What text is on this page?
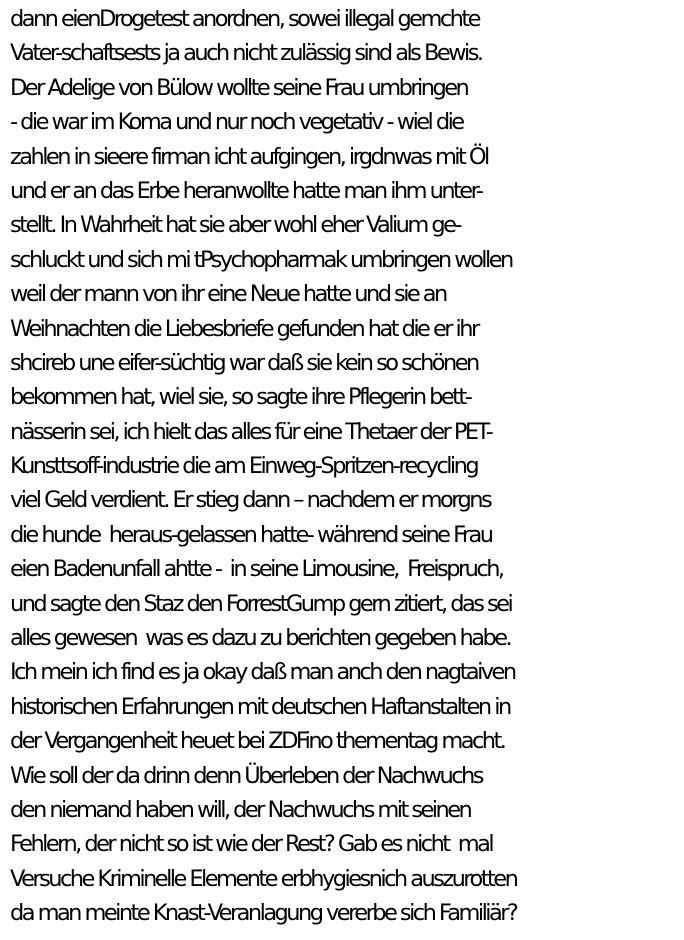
dann eienDrogetest anordnen, sowei illegal gemchte
Vater-schaftsests ja auch nicht zulässig sind als Bewis.
Der Adelige von Bülow wollte seine Frau umbringen
- die war im Koma und nur noch vegetativ - wiel die
zahlen in sieere firman icht aufgingen, irgdnwas mit Öl
und er an das Erbe heranwollte hatte man ihm unter-
stellt. In Wahrheit hat sie aber wohl eher Valium ge-
schluckt und sich mi tPsychopharmak umbringen wollen
weil der mann von ihr eine Neue hatte und sie an
Weihnachten die Liebesbriefe gefunden hat die er ihr
shcireb une eifer-süchtig war daß sie kein so schönen
bekommen hat, wiel sie, so sagte ihre Pflegerin bett-
nässerin sei, ich hielt das alles für eine Thetaer der PET-
Kunsttsoff-industrie die am Einweg-Spritzen-recycling
viel Geld verdient. Er stieg dann – nachdem er morgns
die hunde  heraus-gelassen hatte- während seine Frau
eien Badenunfall ahtte -  in seine Limousine,  Freispruch,
und sagte den Staz den ForrestGump gern zitiert, das sei
alles gewesen  was es dazu zu berichten gegeben habe.
Ich mein ich find es ja okay daß man anch den nagtaiven
historischen Erfahrungen mit deutschen Haftanstalten in
der Vergangenheit heuet bei ZDFino thementag macht.
Wie soll der da drinn denn Überleben der Nachwuchs
den niemand haben will, der Nachwuchs mit seinen
Fehlern, der nicht so ist wie der Rest? Gab es nicht  mal
Versuche Kriminelle Elemente erbhygiesnich auszurotten
da man meinte Knast-Veranlagung vererbe sich Familiär?
